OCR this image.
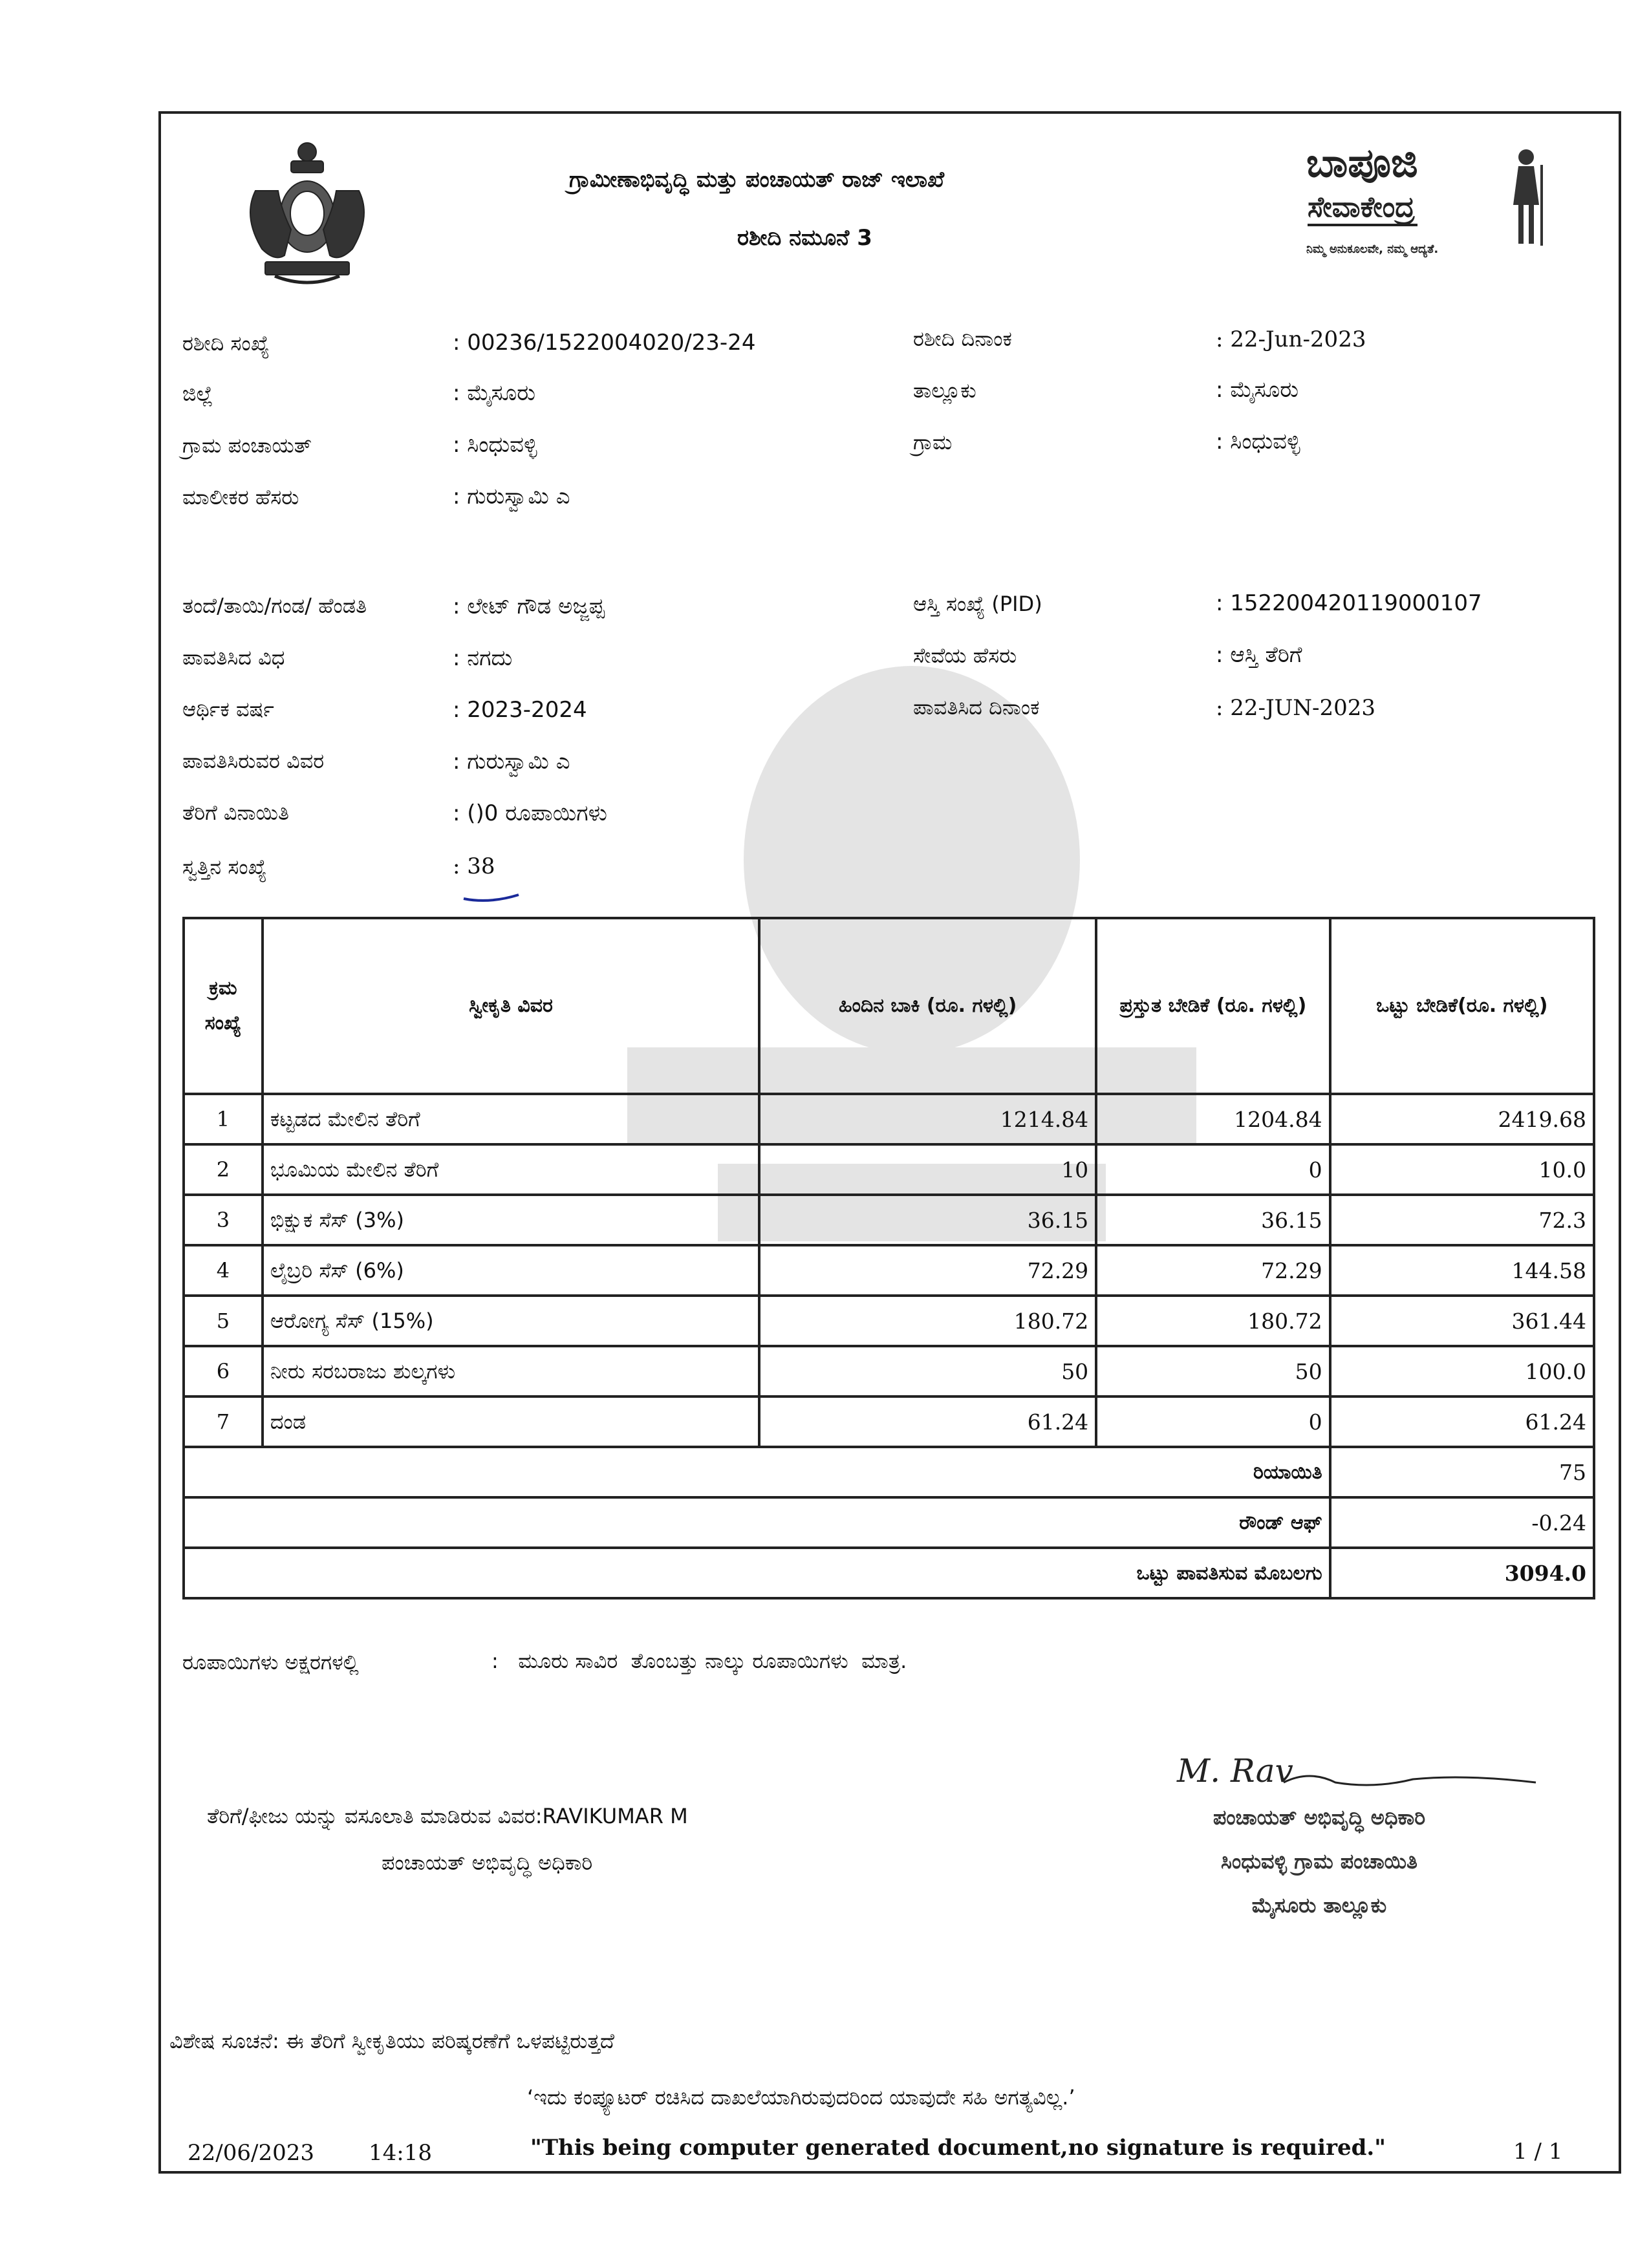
ಗ್ರಾಮೀಣಾಭಿವೃದ್ಧಿ ಮತ್ತು ಪಂಚಾಯತ್ ರಾಜ್ ಇಲಾಖೆ
ರಶೀದಿ ನಮೂನೆ 3
ಬಾಪೂಜಿ
ಸೇವಾಕೇಂದ್ರ
ನಿಮ್ಮ ಅನುಕೂಲವೇ, ನಮ್ಮ ಆದ್ಯತೆ.
ರಶೀದಿ ಸಂಖ್ಯೆ	: 00236/1522004020/23-24
ಜಿಲ್ಲೆ	: ಮೈಸೂರು
ಗ್ರಾಮ ಪಂಚಾಯತ್	: ಸಿಂಧುವಳ್ಳಿ
ಮಾಲೀಕರ ಹೆಸರು	: ಗುರುಸ್ವಾಮಿ ಎ
ತಂದೆ/ತಾಯಿ/ಗಂಡ/ ಹೆಂಡತಿ	: ಲೇಟ್ ಗೌಡ ಅಜ್ಜಪ್ಪ
ಪಾವತಿಸಿದ ವಿಧ	: ನಗದು
ಆರ್ಥಿಕ ವರ್ಷ	: 2023-2024
ಪಾವತಿಸಿರುವರ ವಿವರ	: ಗುರುಸ್ವಾಮಿ ಎ
ತೆರಿಗೆ ವಿನಾಯಿತಿ	: ()0 ರೂಪಾಯಿಗಳು
ಸ್ವತ್ತಿನ ಸಂಖ್ಯೆ	: 38
ರಶೀದಿ ದಿನಾಂಕ	: 22-Jun-2023
ತಾಲ್ಲೂಕು	: ಮೈಸೂರು
ಗ್ರಾಮ	: ಸಿಂಧುವಳ್ಳಿ
ಆಸ್ತಿ ಸಂಖ್ಯೆ (PID)	: 152200420119000107
ಸೇವೆಯ ಹೆಸರು	: ಆಸ್ತಿ ತೆರಿಗೆ
ಪಾವತಿಸಿದ ದಿನಾಂಕ	: 22-JUN-2023
ಕ್ರಮ ಸಂಖ್ಯೆ	ಸ್ವೀಕೃತಿ ವಿವರ	ಹಿಂದಿನ ಬಾಕಿ (ರೂ. ಗಳಲ್ಲಿ)	ಪ್ರಸ್ತುತ ಬೇಡಿಕೆ (ರೂ. ಗಳಲ್ಲಿ)	ಒಟ್ಟು ಬೇಡಿಕೆ(ರೂ. ಗಳಲ್ಲಿ)
1	ಕಟ್ಟಡದ ಮೇಲಿನ ತೆರಿಗೆ	1214.84	1204.84	2419.68
2	ಭೂಮಿಯ ಮೇಲಿನ ತೆರಿಗೆ	10	0	10.0
3	ಭಿಕ್ಷುಕ ಸೆಸ್ (3%)	36.15	36.15	72.3
4	ಲೈಬ್ರರಿ ಸೆಸ್ (6%)	72.29	72.29	144.58
5	ಆರೋಗ್ಯ ಸೆಸ್ (15%)	180.72	180.72	361.44
6	ನೀರು ಸರಬರಾಜು ಶುಲ್ಕಗಳು	50	50	100.0
7	ದಂಡ	61.24	0	61.24
ರಿಯಾಯಿತಿ				75
ರೌಂಡ್ ಆಫ್				-0.24
ಒಟ್ಟು ಪಾವತಿಸುವ ಮೊಬಲಗು				3094.0
ರೂಪಾಯಿಗಳು ಅಕ್ಷರಗಳಲ್ಲಿ	:   ಮೂರು ಸಾವಿರ  ತೊಂಬತ್ತು ನಾಲ್ಕು ರೂಪಾಯಿಗಳು  ಮಾತ್ರ.
ತೆರಿಗೆ/ಫೀಜು ಯನ್ನು ವಸೂಲಾತಿ ಮಾಡಿರುವ ವಿವರ:RAVIKUMAR M
ಪಂಚಾಯತ್ ಅಭಿವೃದ್ಧಿ ಅಧಿಕಾರಿ
M. Rav
ಪಂಚಾಯತ್ ಅಭಿವೃದ್ಧಿ ಅಧಿಕಾರಿ
ಸಿಂಧುವಳ್ಳಿ ಗ್ರಾಮ ಪಂಚಾಯಿತಿ
ಮೈಸೂರು ತಾಲ್ಲೂಕು
ವಿಶೇಷ ಸೂಚನೆ: ಈ ತೆರಿಗೆ ಸ್ವೀಕೃತಿಯು ಪರಿಷ್ಕರಣೆಗೆ ಒಳಪಟ್ಟಿರುತ್ತದೆ
‘ಇದು ಕಂಪ್ಯೂಟರ್ ರಚಿಸಿದ ದಾಖಲೆಯಾಗಿರುವುದರಿಂದ ಯಾವುದೇ ಸಹಿ ಅಗತ್ಯವಿಲ್ಲ.’
"This being computer generated document,no signature is required."
22/06/2023 14:18	1 / 1
